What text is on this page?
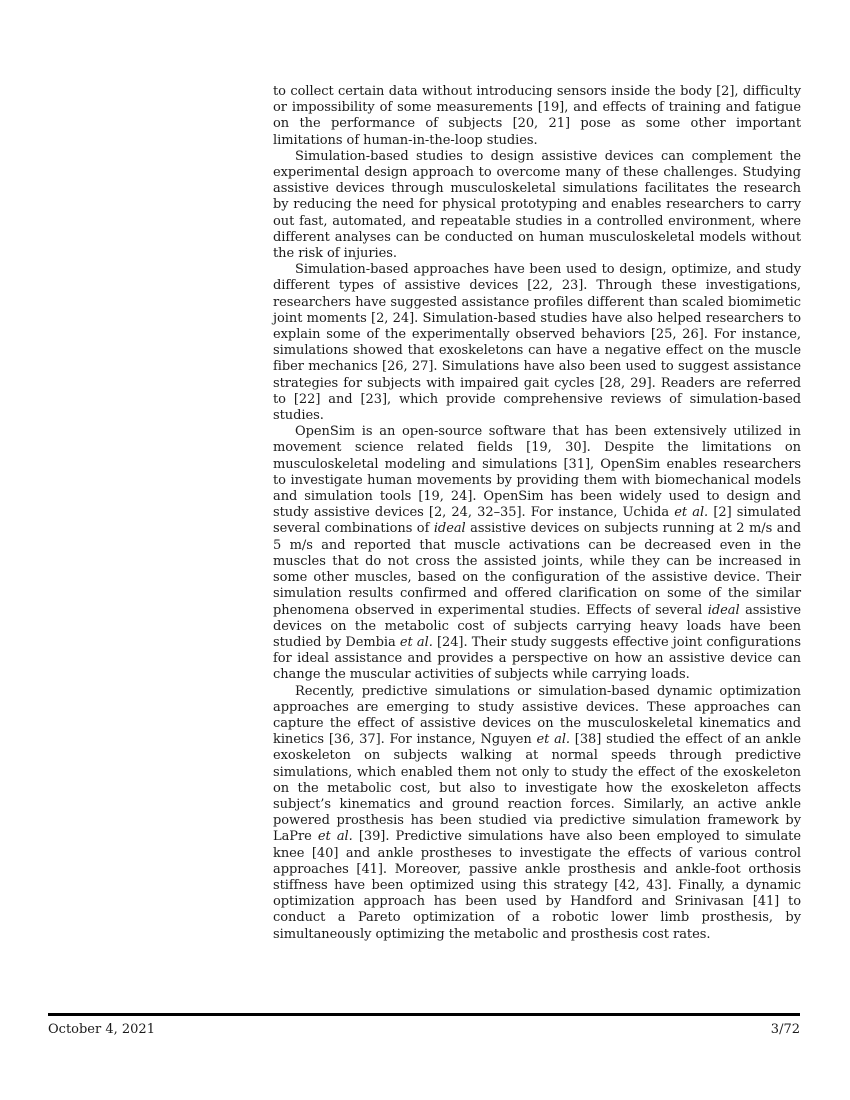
to collect certain data without introducing sensors inside the body [2], difficulty or impossibility of some measurements [19], and effects of training and fatigue on the performance of subjects [20, 21] pose as some other important limitations of human-in-the-loop studies.

Simulation-based studies to design assistive devices can complement the experimental design approach to overcome many of these challenges. Studying assistive devices through musculoskeletal simulations facilitates the research by reducing the need for physical prototyping and enables researchers to carry out fast, automated, and repeatable studies in a controlled environment, where different analyses can be conducted on human musculoskeletal models without the risk of injuries.

Simulation-based approaches have been used to design, optimize, and study different types of assistive devices [22, 23]. Through these investigations, researchers have suggested assistance profiles different than scaled biomimetic joint moments [2, 24]. Simulation-based studies have also helped researchers to explain some of the experimentally observed behaviors [25, 26]. For instance, simulations showed that exoskeletons can have a negative effect on the muscle fiber mechanics [26, 27]. Simulations have also been used to suggest assistance strategies for subjects with impaired gait cycles [28, 29]. Readers are referred to [22] and [23], which provide comprehensive reviews of simulation-based studies.

OpenSim is an open-source software that has been extensively utilized in movement science related fields [19, 30]. Despite the limitations on musculoskeletal modeling and simulations [31], OpenSim enables researchers to investigate human movements by providing them with biomechanical models and simulation tools [19, 24]. OpenSim has been widely used to design and study assistive devices [2, 24, 32–35]. For instance, Uchida et al. [2] simulated several combinations of ideal assistive devices on subjects running at 2 m/s and 5 m/s and reported that muscle activations can be decreased even in the muscles that do not cross the assisted joints, while they can be increased in some other muscles, based on the configuration of the assistive device. Their simulation results confirmed and offered clarification on some of the similar phenomena observed in experimental studies. Effects of several ideal assistive devices on the metabolic cost of subjects carrying heavy loads have been studied by Dembia et al. [24]. Their study suggests effective joint configurations for ideal assistance and provides a perspective on how an assistive device can change the muscular activities of subjects while carrying loads.

Recently, predictive simulations or simulation-based dynamic optimization approaches are emerging to study assistive devices. These approaches can capture the effect of assistive devices on the musculoskeletal kinematics and kinetics [36, 37]. For instance, Nguyen et al. [38] studied the effect of an ankle exoskeleton on subjects walking at normal speeds through predictive simulations, which enabled them not only to study the effect of the exoskeleton on the metabolic cost, but also to investigate how the exoskeleton affects subject’s kinematics and ground reaction forces. Similarly, an active ankle powered prosthesis has been studied via predictive simulation framework by LaPre et al. [39]. Predictive simulations have also been employed to simulate knee [40] and ankle prostheses to investigate the effects of various control approaches [41]. Moreover, passive ankle prosthesis and ankle-foot orthosis stiffness have been optimized using this strategy [42, 43]. Finally, a dynamic optimization approach has been used by Handford and Srinivasan [41] to conduct a Pareto optimization of a robotic lower limb prosthesis, by simultaneously optimizing the metabolic and prosthesis cost rates.

October 4, 2021	3/72
